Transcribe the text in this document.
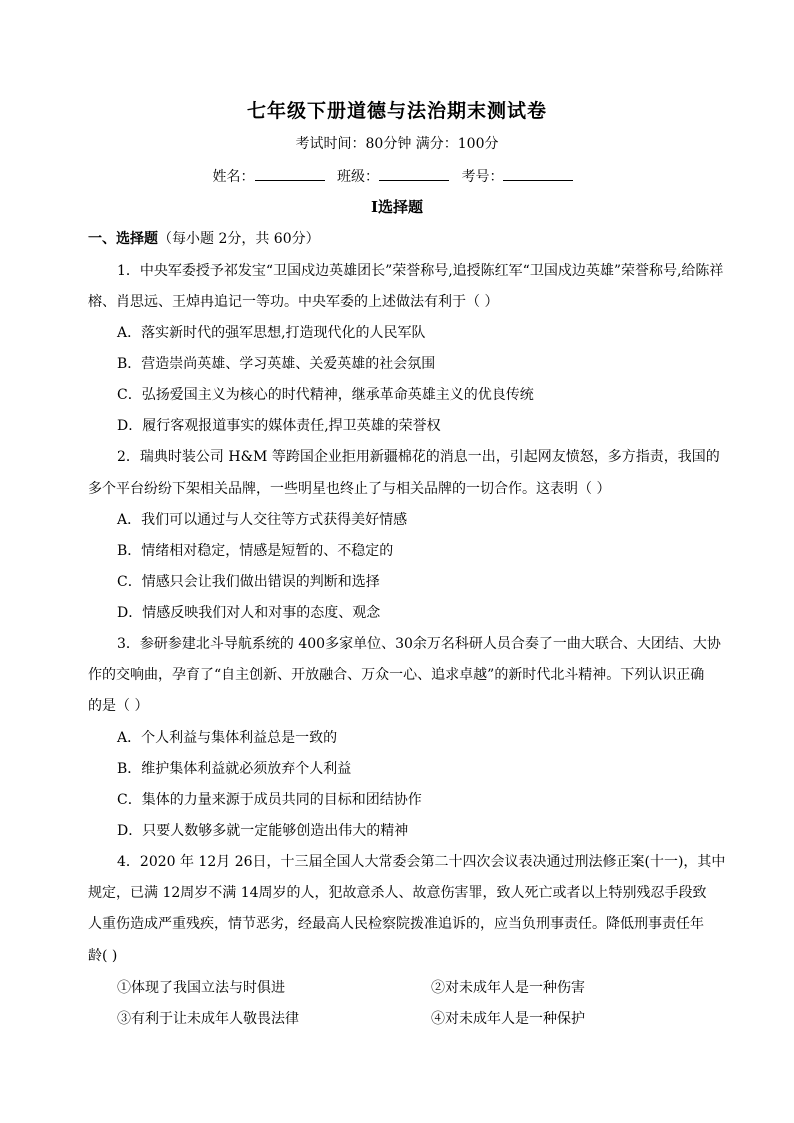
七年级下册道德与法治期末测试卷
考试时间：80分钟 满分：100分
姓名：	班级：	考号：
Ⅰ选择题
一、选择题（每小题 2分，共 60分）
1．中央军委授予祁发宝“卫国戍边英雄团长”荣誉称号,追授陈红军“卫国戍边英雄”荣誉称号,给陈祥
榕、肖思远、王焯冉追记一等功。中央军委的上述做法有利于（ ）
A．落实新时代的强军思想,打造现代化的人民军队
B．营造崇尚英雄、学习英雄、关爱英雄的社会氛围
C．弘扬爱国主义为核心的时代精神，继承革命英雄主义的优良传统
D．履行客观报道事实的媒体责任,捍卫英雄的荣誉权
2．瑞典时装公司 H&M 等跨国企业拒用新疆棉花的消息一出，引起网友愤怒，多方指责，我国的
多个平台纷纷下架相关品牌，一些明星也终止了与相关品牌的一切合作。这表明（ ）
A．我们可以通过与人交往等方式获得美好情感
B．情绪相对稳定，情感是短暂的、不稳定的
C．情感只会让我们做出错误的判断和选择
D．情感反映我们对人和对事的态度、观念
3．参研参建北斗导航系统的 400多家单位、30余万名科研人员合奏了一曲大联合、大团结、大协
作的交响曲，孕育了“自主创新、开放融合、万众一心、追求卓越”的新时代北斗精神。下列认识正确
的是（ ）
A．个人利益与集体利益总是一致的
B．维护集体利益就必须放弃个人利益
C．集体的力量来源于成员共同的目标和团结协作
D．只要人数够多就一定能够创造出伟大的精神
4．2020 年 12月 26日，十三届全国人大常委会第二十四次会议表决通过刑法修正案(十一)，其中
规定，已满 12周岁不满 14周岁的人，犯故意杀人、故意伤害罪，致人死亡或者以上特别残忍手段致
人重伤造成严重残疾，情节恶劣，经最高人民检察院拨准追诉的，应当负刑事责任。降低刑事责任年
龄( )
①体现了我国立法与时俱进	②对未成年人是一种伤害
③有利于让未成年人敬畏法律	④对未成年人是一种保护
